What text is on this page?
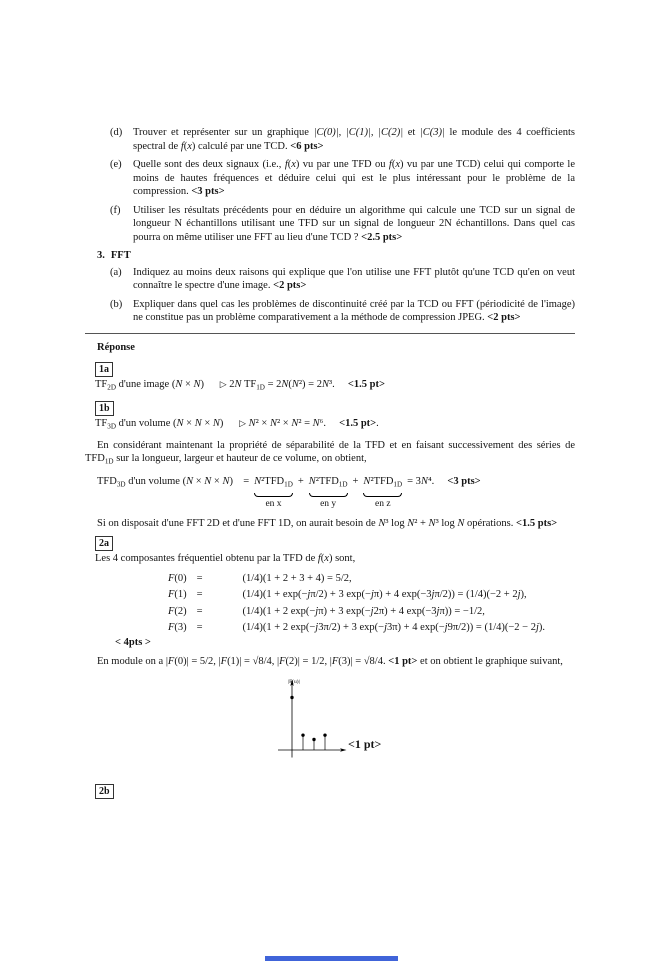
(d)	Trouver et représenter sur un graphique |C(0)|, |C(1)|, |C(2)| et |C(3)| le module des 4 coefficients spectral de f(x) calculé par une TCD. <6 pts>
(e)	Quelle sont des deux signaux (i.e., f(x) vu par une TFD ou f(x) vu par une TCD) celui qui comporte le moins de hautes fréquences et déduire celui qui est le plus intéressant pour le problème de la compression. <3 pts>
(f)	Utiliser les résultats précédents pour en déduire un algorithme qui calcule une TCD sur un signal de longueur N échantillons utilisant une TFD sur un signal de longueur 2N échantillons. Dans quel cas pourra on même utiliser une FFT au lieu d'une TCD ? <2.5 pts>
3. FFT
(a)	Indiquez au moins deux raisons qui explique que l'on utilise une FFT plutôt qu'une TCD qu'en on veut connaître le spectre d'une image. <2 pts>
(b)	Expliquer dans quel cas les problèmes de discontinuité créé par la TCD ou FFT (périodicité de l'image) ne constitue pas un problème comparativement a la méthode de compression JPEG. <2 pts>
Réponse
1a
$TF_{2D}$ d'une image (N × N)      ▷ 2N $TF_{1D} = 2N(N^2) = 2N^3$.     <1.5 pt>
1b
$TF_{3D}$ d'un volume (N × N × N)      ▷ N² × N² × N² = N⁶.     <1.5 pt>.

En considérant maintenant la propriété de séparabilité de la TFD et en faisant successivement des séries de $TFD_{1D}$ sur la longueur, largeur et hauteur de ce volume, on obtient,

$TFD_{3D}$ d'un volume $(N \times N \times N) = N^2TFD_{1D}$
en x
+ $N^2TFD_{1D}$
en y
+ $N^2TFD_{1D}$
en z
= 3N⁴.     <3 pts>

Si on disposait d'une FFT 2D et d'une FFT 1D, on aurait besoin de N³ log N² + N³ log N opérations. <1.5 pts>

2a
Les 4 composantes fréquentiel obtenu par la TFD de f(x) sont,
F(0) =	(1/4)(1 + 2 + 3 + 4) = 5/2,
F(1) =	(1/4)(1 + exp(−jπ/2) + 3 exp(−jπ) + 4 exp(−3jπ/2)) = (1/4)(−2 + 2j),
F(2) =	(1/4)(1 + 2 exp(−jπ) + 3 exp(−j2π) + 4 exp(−3jπ)) = −1/2,
F(3) =	(1/4)(1 + 2 exp(−j3π/2) + 3 exp(−j3π) + 4 exp(−j9π/2)) = (1/4)(−2 − 2j).
< 4pts >

En module on a |F(0)| = 5/2, |F(1)| = √8/4, |F(2)| = 1/2, |F(3)| = √8/4. <1 pt> et on obtient le graphique suivant,

|F(u)|
<1 pt>
2b
